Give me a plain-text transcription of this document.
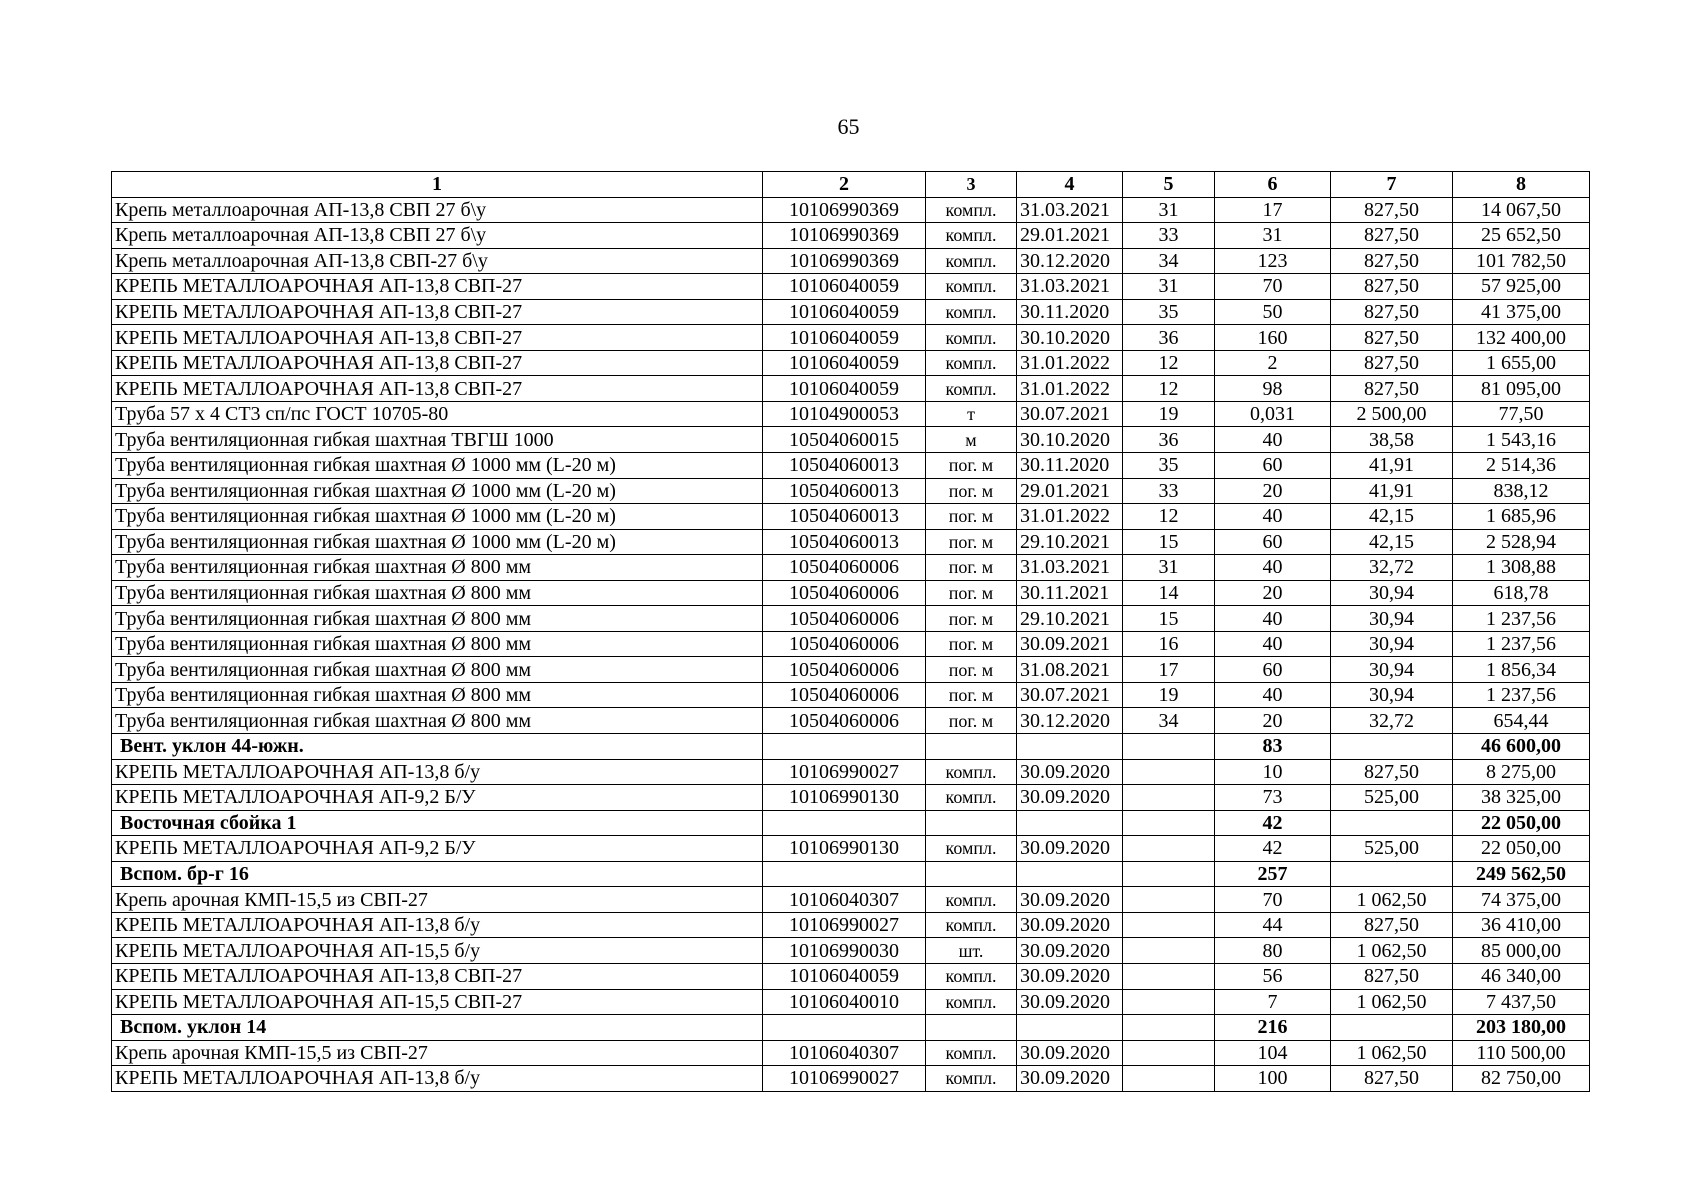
65
1	2	3	4	5	6	7	8
Крепь металлоарочная АП-13,8 СВП 27 б\у	10106990369	компл.	31.03.2021	31	17	827,50	14 067,50
Крепь металлоарочная АП-13,8 СВП 27 б\у	10106990369	компл.	29.01.2021	33	31	827,50	25 652,50
Крепь металлоарочная АП-13,8 СВП-27 б\у	10106990369	компл.	30.12.2020	34	123	827,50	101 782,50
КРЕПЬ МЕТАЛЛОАРОЧНАЯ АП-13,8 СВП-27	10106040059	компл.	31.03.2021	31	70	827,50	57 925,00
КРЕПЬ МЕТАЛЛОАРОЧНАЯ АП-13,8 СВП-27	10106040059	компл.	30.11.2020	35	50	827,50	41 375,00
КРЕПЬ МЕТАЛЛОАРОЧНАЯ АП-13,8 СВП-27	10106040059	компл.	30.10.2020	36	160	827,50	132 400,00
КРЕПЬ МЕТАЛЛОАРОЧНАЯ АП-13,8 СВП-27	10106040059	компл.	31.01.2022	12	2	827,50	1 655,00
КРЕПЬ МЕТАЛЛОАРОЧНАЯ АП-13,8 СВП-27	10106040059	компл.	31.01.2022	12	98	827,50	81 095,00
Труба 57 х 4 СТ3 сп/пс ГОСТ 10705-80	10104900053	т	30.07.2021	19	0,031	2 500,00	77,50
Труба вентиляционная гибкая шахтная ТВГШ 1000	10504060015	м	30.10.2020	36	40	38,58	1 543,16
Труба вентиляционная гибкая шахтная Ø 1000 мм (L-20 м)	10504060013	пог. м	30.11.2020	35	60	41,91	2 514,36
Труба вентиляционная гибкая шахтная Ø 1000 мм (L-20 м)	10504060013	пог. м	29.01.2021	33	20	41,91	838,12
Труба вентиляционная гибкая шахтная Ø 1000 мм (L-20 м)	10504060013	пог. м	31.01.2022	12	40	42,15	1 685,96
Труба вентиляционная гибкая шахтная Ø 1000 мм (L-20 м)	10504060013	пог. м	29.10.2021	15	60	42,15	2 528,94
Труба вентиляционная гибкая шахтная Ø 800 мм	10504060006	пог. м	31.03.2021	31	40	32,72	1 308,88
Труба вентиляционная гибкая шахтная Ø 800 мм	10504060006	пог. м	30.11.2021	14	20	30,94	618,78
Труба вентиляционная гибкая шахтная Ø 800 мм	10504060006	пог. м	29.10.2021	15	40	30,94	1 237,56
Труба вентиляционная гибкая шахтная Ø 800 мм	10504060006	пог. м	30.09.2021	16	40	30,94	1 237,56
Труба вентиляционная гибкая шахтная Ø 800 мм	10504060006	пог. м	31.08.2021	17	60	30,94	1 856,34
Труба вентиляционная гибкая шахтная Ø 800 мм	10504060006	пог. м	30.07.2021	19	40	30,94	1 237,56
Труба вентиляционная гибкая шахтная Ø 800 мм	10504060006	пог. м	30.12.2020	34	20	32,72	654,44
Вент. уклон 44-южн.					83		46 600,00
КРЕПЬ МЕТАЛЛОАРОЧНАЯ АП-13,8 б/у	10106990027	компл.	30.09.2020		10	827,50	8 275,00
КРЕПЬ МЕТАЛЛОАРОЧНАЯ АП-9,2 Б/У	10106990130	компл.	30.09.2020		73	525,00	38 325,00
Восточная сбойка 1					42		22 050,00
КРЕПЬ МЕТАЛЛОАРОЧНАЯ АП-9,2 Б/У	10106990130	компл.	30.09.2020		42	525,00	22 050,00
Вспом. бр-г 16					257		249 562,50
Крепь арочная КМП-15,5 из СВП-27	10106040307	компл.	30.09.2020		70	1 062,50	74 375,00
КРЕПЬ МЕТАЛЛОАРОЧНАЯ АП-13,8 б/у	10106990027	компл.	30.09.2020		44	827,50	36 410,00
КРЕПЬ МЕТАЛЛОАРОЧНАЯ АП-15,5 б/у	10106990030	шт.	30.09.2020		80	1 062,50	85 000,00
КРЕПЬ МЕТАЛЛОАРОЧНАЯ АП-13,8 СВП-27	10106040059	компл.	30.09.2020		56	827,50	46 340,00
КРЕПЬ МЕТАЛЛОАРОЧНАЯ АП-15,5 СВП-27	10106040010	компл.	30.09.2020		7	1 062,50	7 437,50
Вспом. уклон 14					216		203 180,00
Крепь арочная КМП-15,5 из СВП-27	10106040307	компл.	30.09.2020		104	1 062,50	110 500,00
КРЕПЬ МЕТАЛЛОАРОЧНАЯ АП-13,8 б/у	10106990027	компл.	30.09.2020		100	827,50	82 750,00
